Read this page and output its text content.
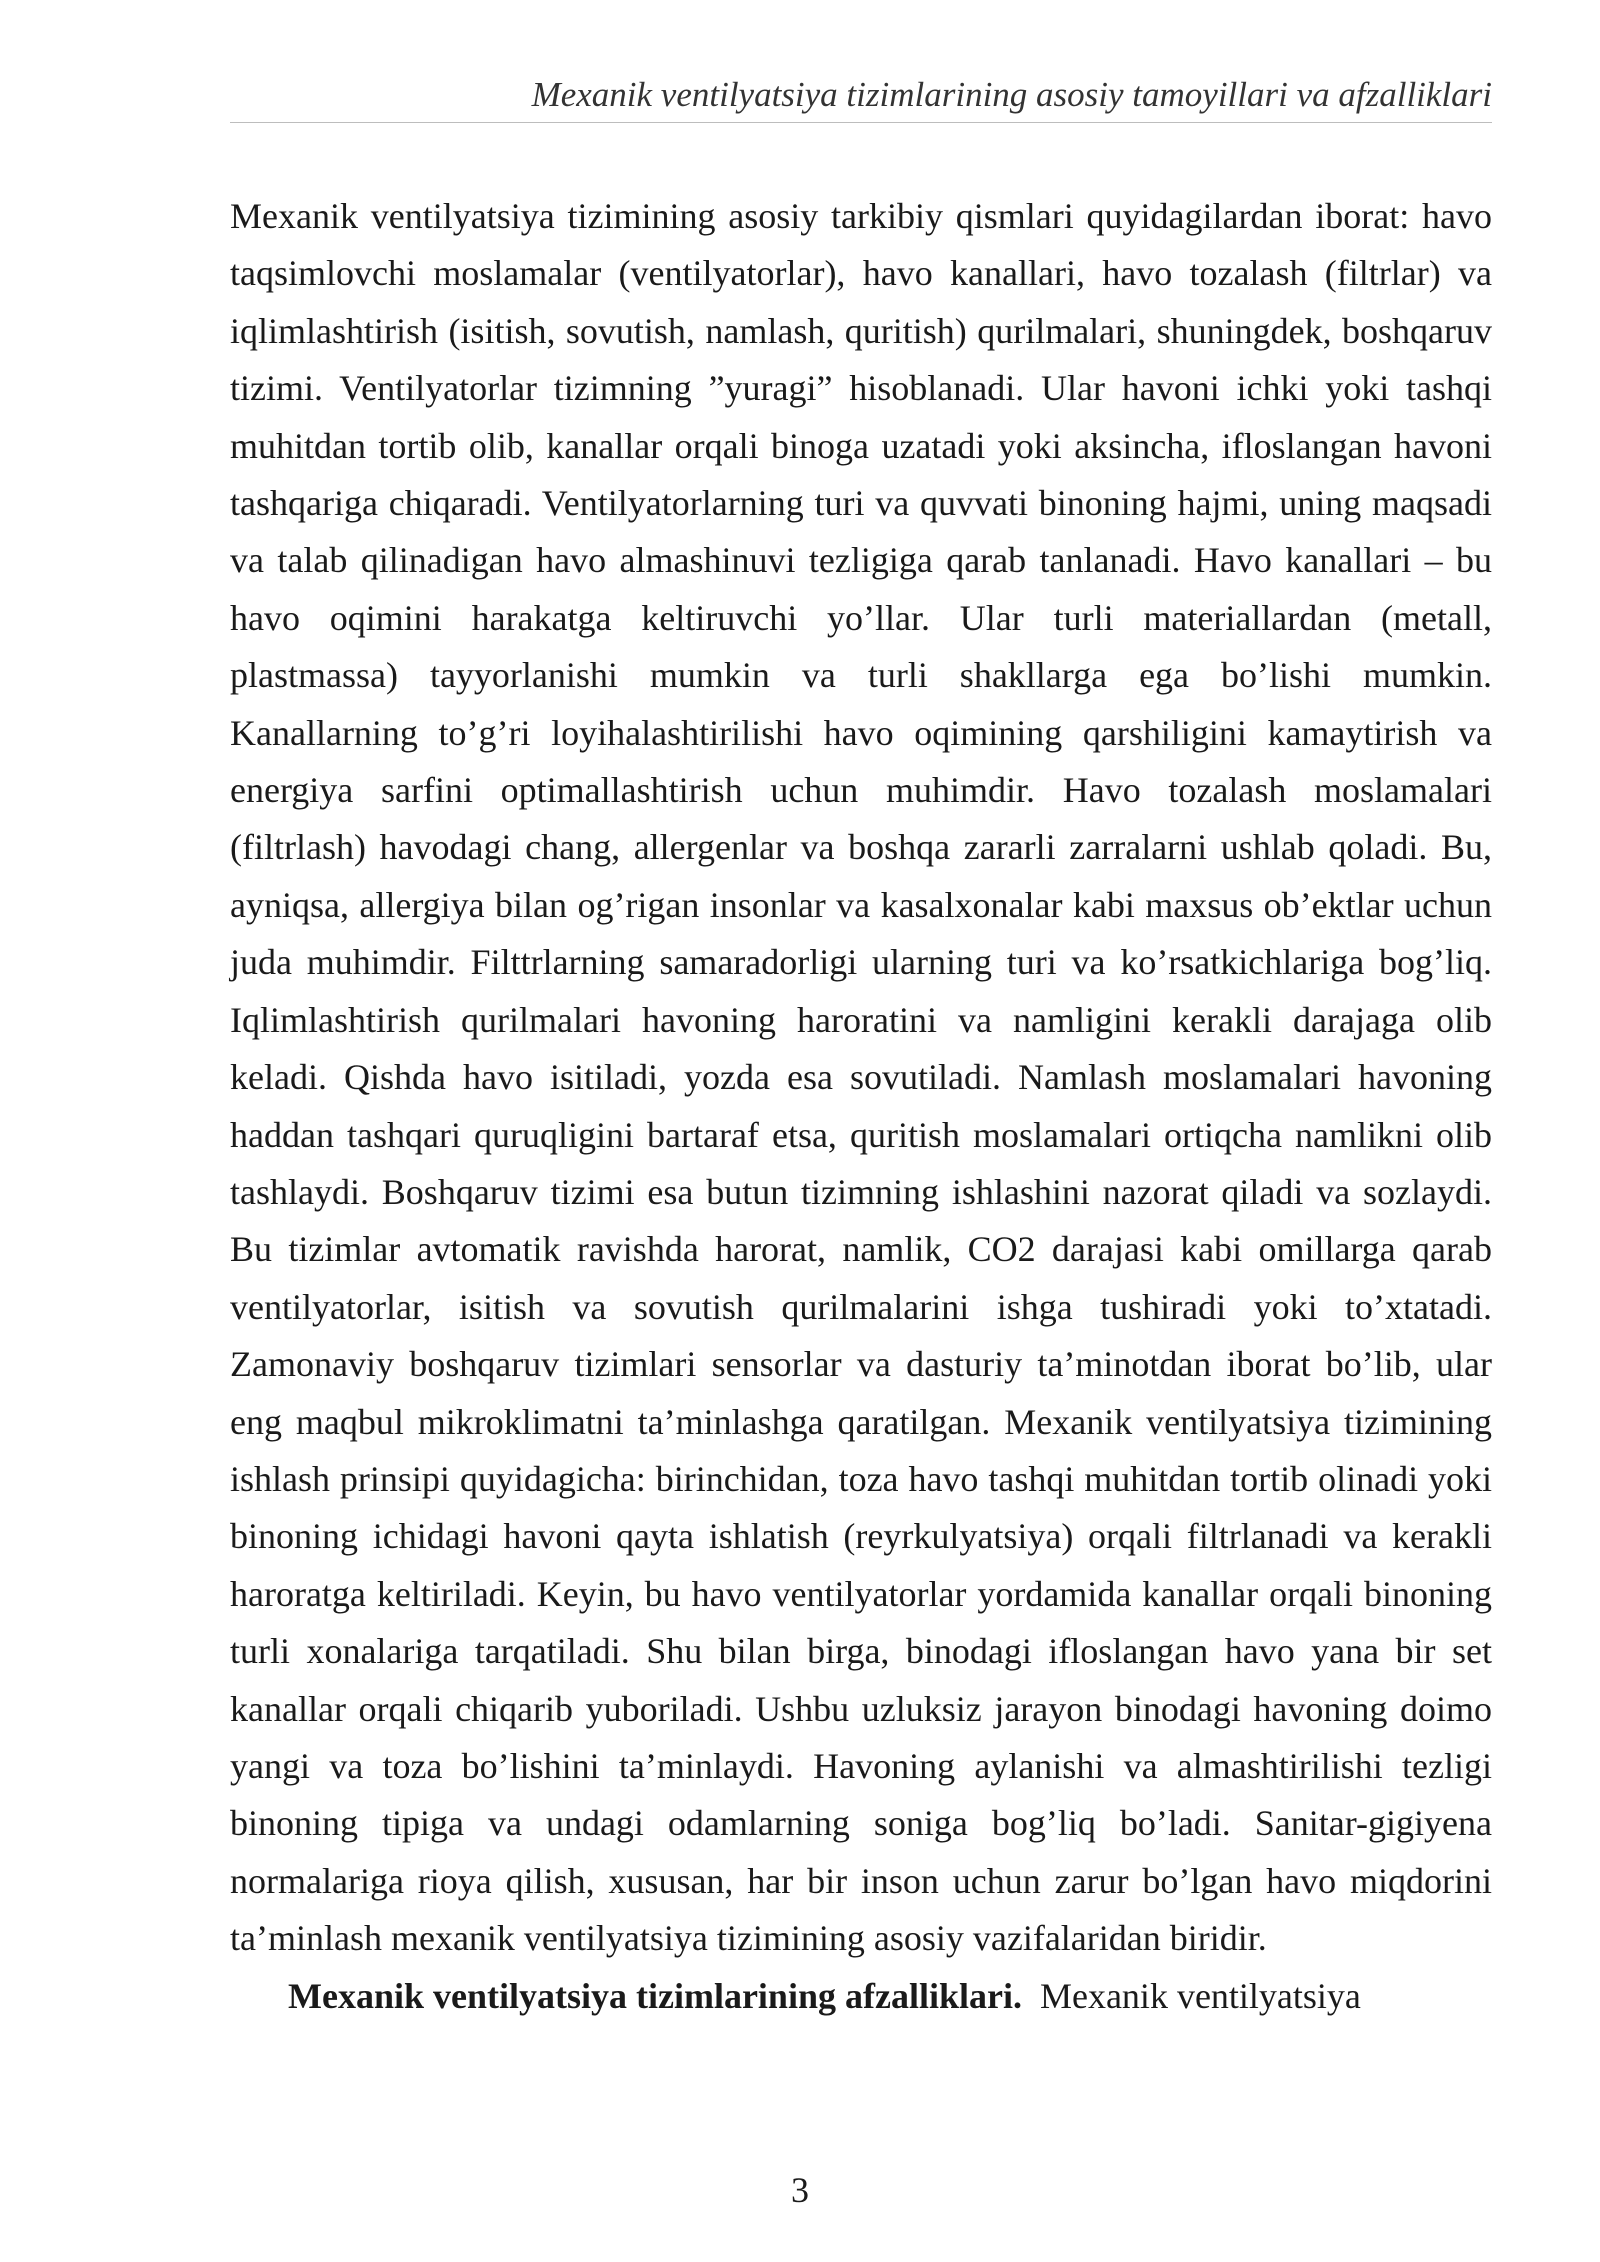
Mexanik ventilyatsiya tizimlarining asosiy tamoyillari va afzalliklari

Mexanik ventilyatsiya tizimining asosiy tarkibiy qismlari quyidagilardan iborat: havo taqsimlovchi moslamalar (ventilyatorlar), havo kanallari, havo tozalash (filtrlar) va iqlimlashtirish (isitish, sovutish, namlash, quritish) qurilmalari, shuningdek, boshqaruv tizimi. Ventilyatorlar tizimning ”yuragi” hisoblanadi. Ular havoni ichki yoki tashqi muhitdan tortib olib, kanallar orqali binoga uzatadi yoki aksincha, ifloslangan havoni tashqariga chiqaradi. Ventilyatorlarning turi va quvvati binoning hajmi, uning maqsadi va talab qilinadigan havo almashinuvi tezligiga qarab tanlanadi. Havo kanallari – bu havo oqimini harakatga keltiruvchi yo’llar. Ular turli materiallardan (metall, plastmassa) tayyorlanishi mumkin va turli shakllarga ega bo’lishi mumkin. Kanallarning to’g’ri loyihalashtirilishi havo oqimining qarshiligini kamaytirish va energiya sarfini optimallashtirish uchun muhimdir. Havo tozalash moslamalari (filtrlash) havodagi chang, allergenlar va boshqa zararli zarralarni ushlab qoladi. Bu, ayniqsa, allergiya bilan og’rigan insonlar va kasalxonalar kabi maxsus ob’ektlar uchun juda muhimdir. Filttrlarning samaradorligi ularning turi va ko’rsatkichlariga bog’liq. Iqlimlashtirish qurilmalari havoning haroratini va namligini kerakli darajaga olib keladi. Qishda havo isitiladi, yozda esa sovutiladi. Namlash moslamalari havoning haddan tashqari quruqligini bartaraf etsa, quritish moslamalari ortiqcha namlikni olib tashlaydi. Boshqaruv tizimi esa butun tizimning ishlashini nazorat qiladi va sozlaydi. Bu tizimlar avtomatik ravishda harorat, namlik, CO2 darajasi kabi omillarga qarab ventilyatorlar, isitish va sovutish qurilmalarini ishga tushiradi yoki to’xtatadi. Zamonaviy boshqaruv tizimlari sensorlar va dasturiy ta’minotdan iborat bo’lib, ular eng maqbul mikroklimatni ta’minlashga qaratilgan. Mexanik ventilyatsiya tizimining ishlash prinsipi quyidagicha: birinchidan, toza havo tashqi muhitdan tortib olinadi yoki binoning ichidagi havoni qayta ishlatish (reyrkulyatsiya) orqali filtrlanadi va kerakli haroratga keltiriladi. Keyin, bu havo ventilyatorlar yordamida kanallar orqali binoning turli xonalariga tarqatiladi. Shu bilan birga, binodagi ifloslangan havo yana bir set kanallar orqali chiqarib yuboriladi. Ushbu uzluksiz jarayon binodagi havoning doimo yangi va toza bo’lishini ta’minlaydi. Havoning aylanishi va almashtirilishi tezligi binoning tipiga va undagi odamlarning soniga bog’liq bo’ladi. Sanitar-gigiyena normalariga rioya qilish, xususan, har bir inson uchun zarur bo’lgan havo miqdorini ta’minlash mexanik ventilyatsiya tizimining asosiy vazifalaridan biridir.

Mexanik ventilyatsiya tizimlarining afzalliklari. Mexanik ventilyatsiya

3
